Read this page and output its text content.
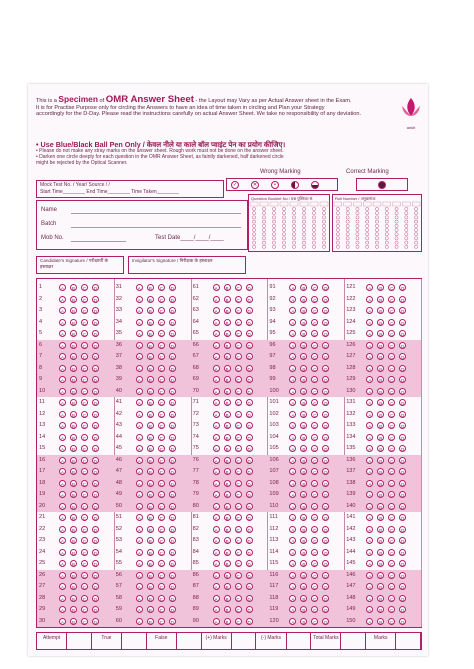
This is a Specimen of OMR Answer Sheet - the Layout may Vary as per Actual Answer sheet in the Exam.
It is for Practise Purpose only for circling the Answers to have an idea of time taken in circling and Plan your Strategy
accordingly for the D-Day. Please read the instructions carefully on actual Answer Sheet. We take no responsibility of any deviation.
ankit
• Use Blue/Black Ball Pen Only / केवल नीले या काले बॉल प्वाइंट पेन का प्रयोग कीजिए।
• Please do not make any stray marks on the answer sheet. Rough work must not be done on the answer sheet.
• Darken one circle deeply for each question in the OMR Answer Sheet, as faintly darkened, half darkened circle
might be rejected by the Optical Scanner.
Wrong Marking	Correct Marking
✓	✕	•
Mock Test No. / Year/ Source / /
Start Time________ End Time________ Time Taken________
Name
Batch
Mob No.	Test Date____/____/____
Question Booklet No / प्रश्न पुस्तिका सं.	Roll Number / अनुक्रमांक
Candidate's Signature / परीक्षार्थी के हस्ताक्षर
Invigilator's Signature / निरीक्षक के हस्ताक्षर
1	A	B	C	D
2	A	B	C	D
3	A	B	C	D
4	A	B	C	D
5	A	B	C	D
6	A	B	C	D
7	A	B	C	D
8	A	B	C	D
9	A	B	C	D
10	A	B	C	D
11	A	B	C	D
12	A	B	C	D
13	A	B	C	D
14	A	B	C	D
15	A	B	C	D
16	A	B	C	D
17	A	B	C	D
18	A	B	C	D
19	A	B	C	D
20	A	B	C	D
21	A	B	C	D
22	A	B	C	D
23	A	B	C	D
24	A	B	C	D
25	A	B	C	D
26	A	B	C	D
27	A	B	C	D
28	A	B	C	D
29	A	B	C	D
30	A	B	C	D
31	A	B	C	D
32	A	B	C	D
33	A	B	C	D
34	A	B	C	D
35	A	B	C	D
36	A	B	C	D
37	A	B	C	D
38	A	B	C	D
39	A	B	C	D
40	A	B	C	D
41	A	B	C	D
42	A	B	C	D
43	A	B	C	D
44	A	B	C	D
45	A	B	C	D
46	A	B	C	D
47	A	B	C	D
48	A	B	C	D
49	A	B	C	D
50	A	B	C	D
51	A	B	C	D
52	A	B	C	D
53	A	B	C	D
54	A	B	C	D
55	A	B	C	D
56	A	B	C	D
57	A	B	C	D
58	A	B	C	D
59	A	B	C	D
60	A	B	C	D
61	A	B	C	D
62	A	B	C	D
63	A	B	C	D
64	A	B	C	D
65	A	B	C	D
66	A	B	C	D
67	A	B	C	D
68	A	B	C	D
69	A	B	C	D
70	A	B	C	D
71	A	B	C	D
72	A	B	C	D
73	A	B	C	D
74	A	B	C	D
75	A	B	C	D
76	A	B	C	D
77	A	B	C	D
78	A	B	C	D
79	A	B	C	D
80	A	B	C	D
81	A	B	C	D
82	A	B	C	D
83	A	B	C	D
84	A	B	C	D
85	A	B	C	D
86	A	B	C	D
87	A	B	C	D
88	A	B	C	D
89	A	B	C	D
90	A	B	C	D
91	A	B	C	D
92	A	B	C	D
93	A	B	C	D
94	A	B	C	D
95	A	B	C	D
96	A	B	C	D
97	A	B	C	D
98	A	B	C	D
99	A	B	C	D
100	A	B	C	D
101	A	B	C	D
102	A	B	C	D
103	A	B	C	D
104	A	B	C	D
105	A	B	C	D
106	A	B	C	D
107	A	B	C	D
108	A	B	C	D
109	A	B	C	D
110	A	B	C	D
111	A	B	C	D
112	A	B	C	D
113	A	B	C	D
114	A	B	C	D
115	A	B	C	D
116	A	B	C	D
117	A	B	C	D
118	A	B	C	D
119	A	B	C	D
120	A	B	C	D
121	A	B	C	D
122	A	B	C	D
123	A	B	C	D
124	A	B	C	D
125	A	B	C	D
126	A	B	C	D
127	A	B	C	D
128	A	B	C	D
129	A	B	C	D
130	A	B	C	D
131	A	B	C	D
132	A	B	C	D
133	A	B	C	D
134	A	B	C	D
135	A	B	C	D
136	A	B	C	D
137	A	B	C	D
138	A	B	C	D
139	A	B	C	D
140	A	B	C	D
141	A	B	C	D
142	A	B	C	D
143	A	B	C	D
144	A	B	C	D
145	A	B	C	D
146	A	B	C	D
147	A	B	C	D
148	A	B	C	D
149	A	B	C	D
150	A	B	C	D
Attempt	True	False	(+) Marks	(-) Marks	Total Marks	Marks
